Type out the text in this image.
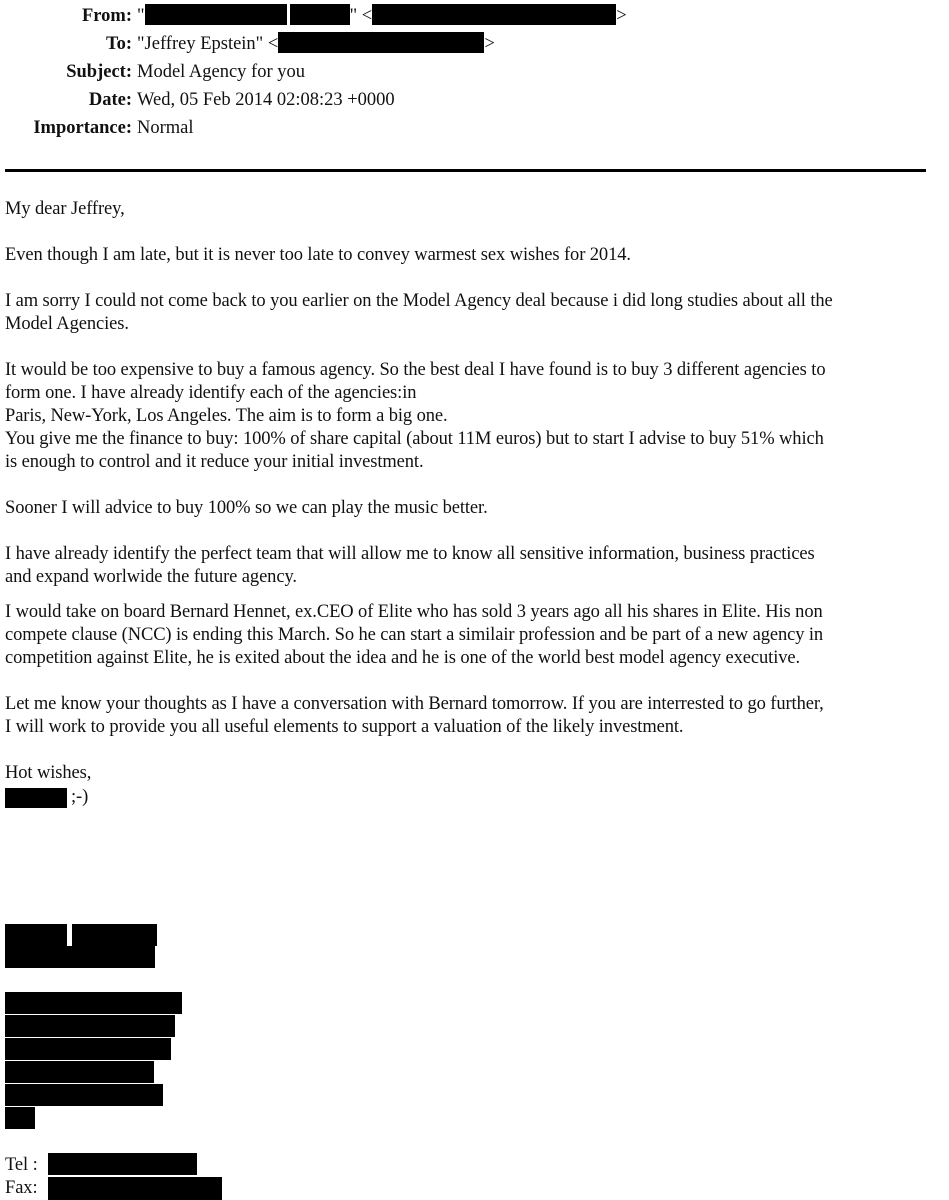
From: "	" <	>
To: "Jeffrey Epstein" <	>
Subject: Model Agency for you
Date: Wed, 05 Feb 2014 02:08:23 +0000
Importance: Normal
My dear Jeffrey,
Even though I am late, but it is never too late to convey warmest sex wishes for 2014.
I am sorry I could not come back to you earlier on the Model Agency deal because i did long studies about all the
Model Agencies.
It would be too expensive to buy a famous agency. So the best deal I have found is to buy 3 different agencies to
form one. I have already identify each of the agencies:in
Paris, New-York, Los Angeles. The aim is to form a big one.
You give me the finance to buy: 100% of share capital (about 11M euros) but to start I advise to buy 51% which
is enough to control and it reduce your initial investment.
Sooner I will advice to buy 100% so we can play the music better.
I have already identify the perfect team that will allow me to know all sensitive information, business practices
and expand worlwide the future agency.
I would take on board Bernard Hennet, ex.CEO of Elite who has sold 3 years ago all his shares in Elite. His non
compete clause (NCC) is ending this March. So he can start a similair profession and be part of a new agency in
competition against Elite, he is exited about the idea and he is one of the world best model agency executive.
Let me know your thoughts as I have a conversation with Bernard tomorrow. If you are interrested to go further,
I will work to provide you all useful elements to support a valuation of the likely investment.
Hot wishes,
;-)
Tel :
Fax:
